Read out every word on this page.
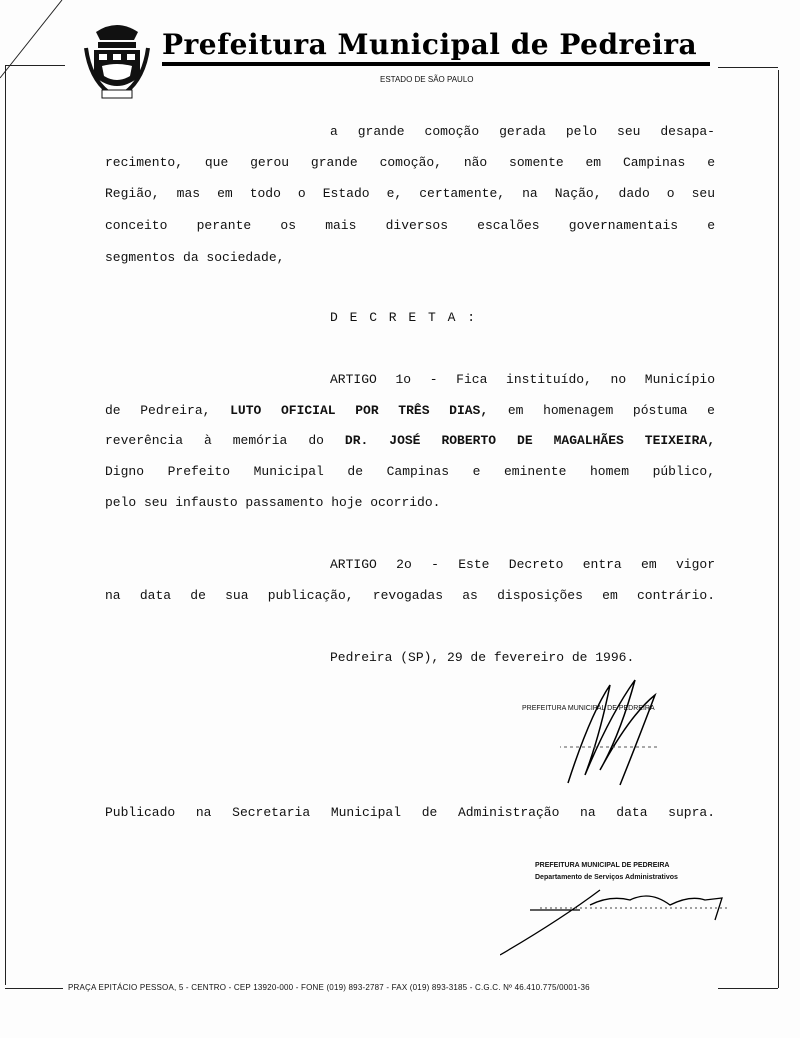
Prefeitura Municipal de Pedreira
ESTADO DE SÃO PAULO
a grande comoção gerada pelo seu desapa-
recimento, que gerou grande comoção, não somente em Campinas e
Região, mas em todo o Estado e, certamente, na Nação, dado o seu
conceito perante os mais diversos escalões governamentais e
segmentos da sociedade,
D E C R E T A :
ARTIGO 1o - Fica instituído, no Município
de Pedreira, LUTO OFICIAL POR TRÊS DIAS, em homenagem póstuma e
reverência à memória do DR. JOSÉ ROBERTO DE MAGALHÃES TEIXEIRA,
Digno Prefeito Municipal de Campinas e eminente homem público,
pelo seu infausto passamento hoje ocorrido.
ARTIGO 2o - Este Decreto entra em vigor
na data de sua publicação, revogadas as disposições em contrário.
Pedreira (SP), 29 de fevereiro de 1996.
PREFEITURA MUNICIPAL DE PEDREIRA
Publicado na Secretaria Municipal de Administração na data supra.
PREFEITURA MUNICIPAL DE PEDREIRA
Departamento de Serviços Administrativos
PRAÇA EPITÁCIO PESSOA, 5 - CENTRO - CEP 13920-000 - FONE (019) 893-2787 - FAX (019) 893-3185 - C.G.C. Nº 46.410.775/0001-36
